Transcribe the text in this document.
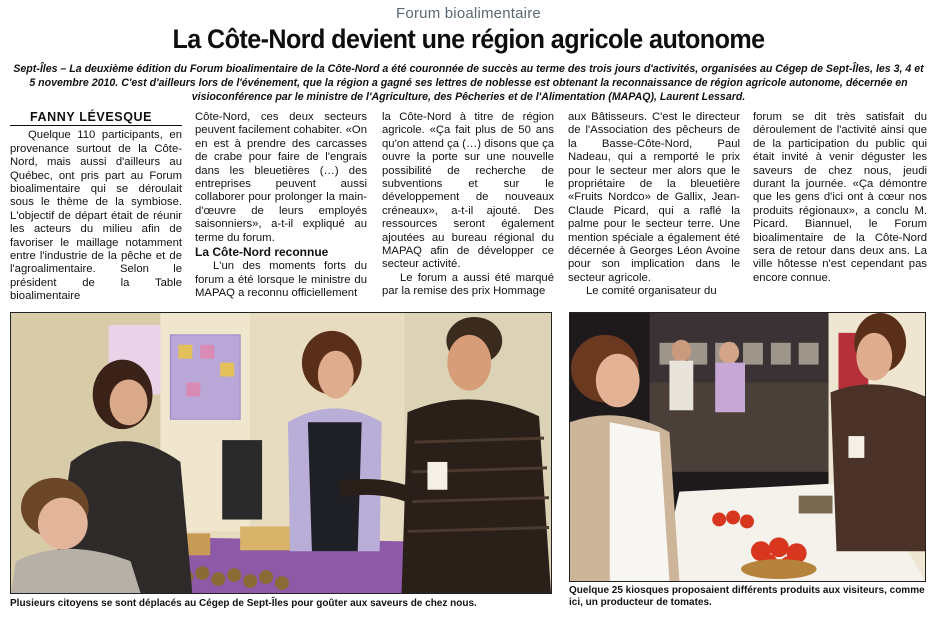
Forum bioalimentaire
La Côte-Nord devient une région agricole autonome

Sept-Îles – La deuxième édition du Forum bioalimentaire de la Côte-Nord a été couronnée de succès au terme des trois jours d'activités, organisées au Cégep de Sept-Îles, les 3, 4 et 5 novembre 2010. C'est d'ailleurs lors de l'événement, que la région a gagné ses lettres de noblesse est obtenant la reconnaissance de région agricole autonome, décernée en visioconférence par le ministre de l'Agriculture, des Pêcheries et de l'Alimentation (MAPAQ), Laurent Lessard.

FANNY LÉVESQUE

Quelque 110 participants, en provenance surtout de la Côte-Nord, mais aussi d'ailleurs au Québec, ont pris part au Forum bioalimentaire qui se déroulait sous le thème de la symbiose. L'objectif de départ était de réunir les acteurs du milieu afin de favoriser le maillage notamment entre l'industrie de la pêche et de l'agroalimentaire. Selon le président de la Table bioalimentaire

Côte-Nord, ces deux secteurs peuvent facilement cohabiter. «On en est à prendre des carcasses de crabe pour faire de l'engrais dans les bleuetières (…) des entreprises peuvent aussi collaborer pour prolonger la main-d'œuvre de leurs employés saisonniers», a-t-il expliqué au terme du forum.

La Côte-Nord reconnue

L'un des moments forts du forum a été lorsque le ministre du MAPAQ a reconnu officiellement

la Côte-Nord à titre de région agricole. «Ça fait plus de 50 ans qu'on attend ça (…) disons que ça ouvre la porte sur une nouvelle possibilité de recherche de subventions et sur le développement de nouveaux créneaux», a-t-il ajouté. Des ressources seront également ajoutées au bureau régional du MAPAQ afin de développer ce secteur activité.

Le forum a aussi été marqué par la remise des prix Hommage

aux Bâtisseurs. C'est le directeur de l'Association des pêcheurs de la Basse-Côte-Nord, Paul Nadeau, qui a remporté le prix pour le secteur mer alors que le propriétaire de la bleuetière «Fruits Nordco» de Gallix, Jean-Claude Picard, qui a raflé la palme pour le secteur terre. Une mention spéciale a également été décernée à Georges Léon Avoine pour son implication dans le secteur agricole.

Le comité organisateur du

forum se dit très satisfait du déroulement de l'activité ainsi que de la participation du public qui était invité à venir déguster les saveurs de chez nous, jeudi durant la journée. «Ça démontre que les gens d'ici ont à cœur nos produits régionaux», a conclu M. Picard. Biannuel, le Forum bioalimentaire de la Côte-Nord sera de retour dans deux ans. La ville hôtesse n'est cependant pas encore connue.

Plusieurs citoyens se sont déplacés au Cégep de Sept-Îles pour goûter aux saveurs de chez nous.
Quelque 25 kiosques proposaient différents produits aux visiteurs, comme ici, un producteur de tomates.
